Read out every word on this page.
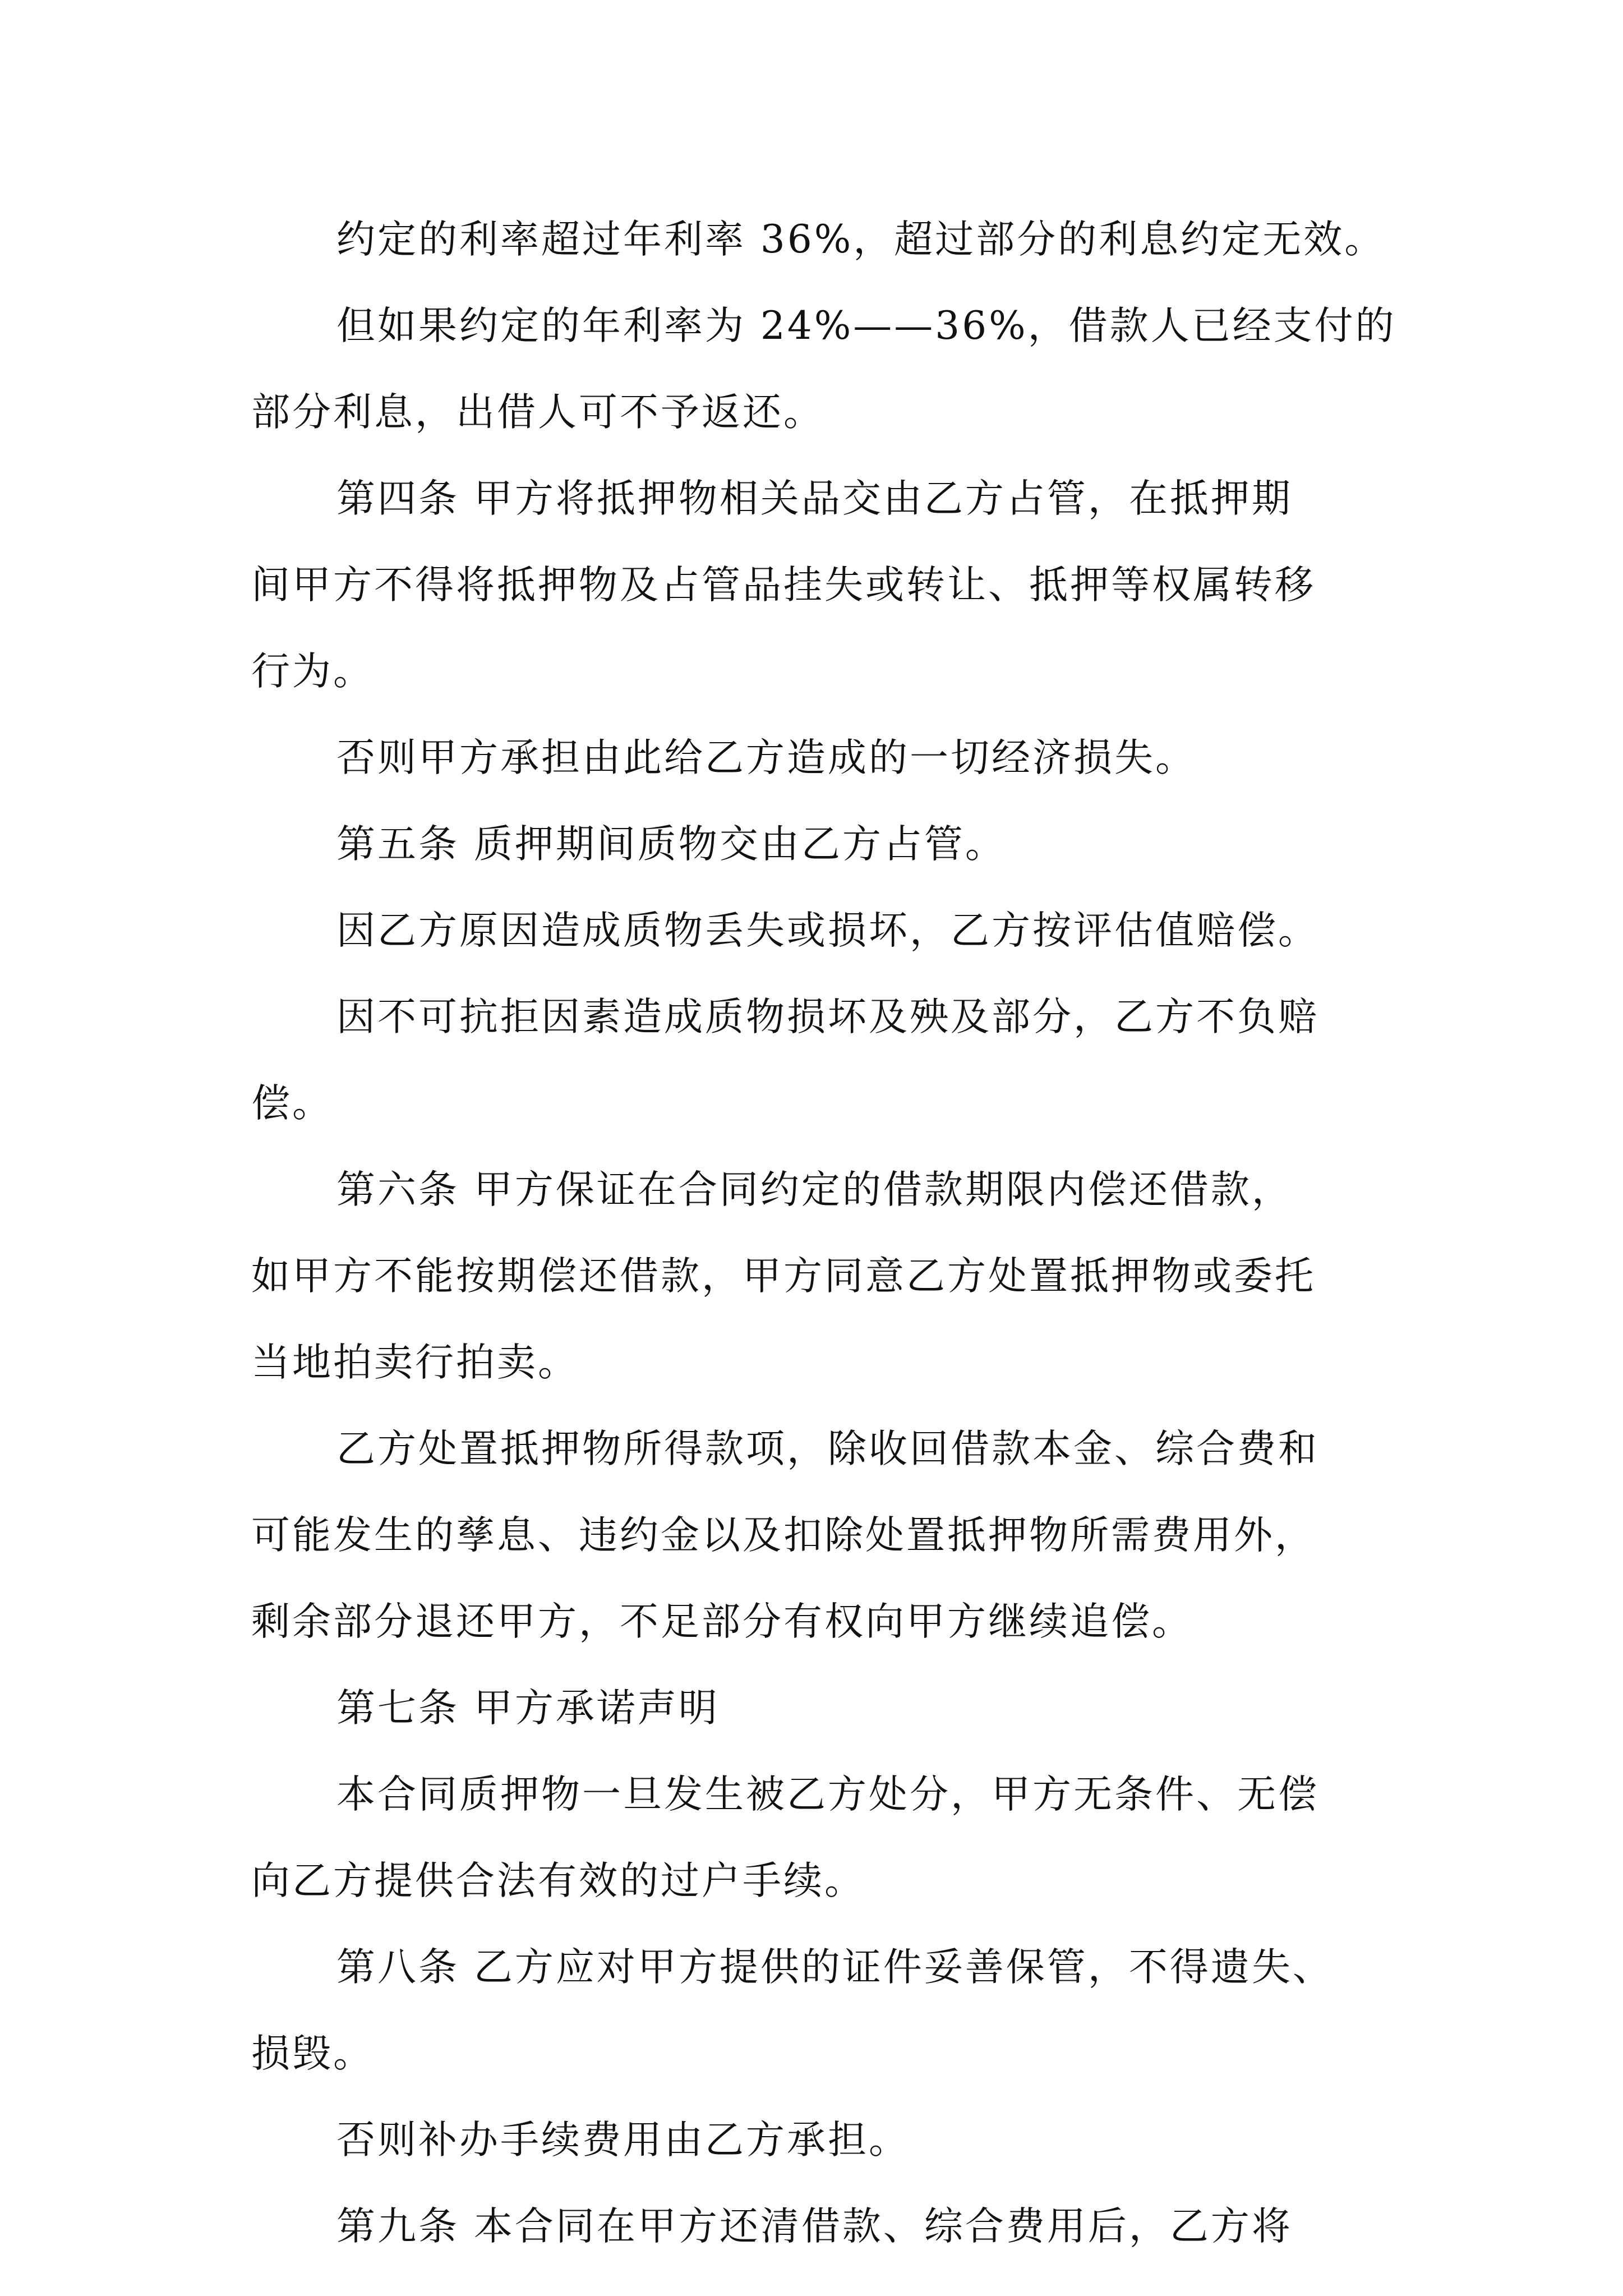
约定的利率超过年利率 36%，超过部分的利息约定无效。
但如果约定的年利率为 24%——36%，借款人已经支付的
部分利息，出借人可不予返还。
第四条 甲方将抵押物相关品交由乙方占管，在抵押期
间甲方不得将抵押物及占管品挂失或转让、抵押等权属转移
行为。
否则甲方承担由此给乙方造成的一切经济损失。
第五条 质押期间质物交由乙方占管。
因乙方原因造成质物丢失或损坏，乙方按评估值赔偿。
因不可抗拒因素造成质物损坏及殃及部分，乙方不负赔
偿。
第六条 甲方保证在合同约定的借款期限内偿还借款，
如甲方不能按期偿还借款，甲方同意乙方处置抵押物或委托
当地拍卖行拍卖。
乙方处置抵押物所得款项，除收回借款本金、综合费和
可能发生的孳息、违约金以及扣除处置抵押物所需费用外，
剩余部分退还甲方，不足部分有权向甲方继续追偿。
第七条 甲方承诺声明
本合同质押物一旦发生被乙方处分，甲方无条件、无偿
向乙方提供合法有效的过户手续。
第八条 乙方应对甲方提供的证件妥善保管，不得遗失、
损毁。
否则补办手续费用由乙方承担。
第九条 本合同在甲方还清借款、综合费用后，乙方将
